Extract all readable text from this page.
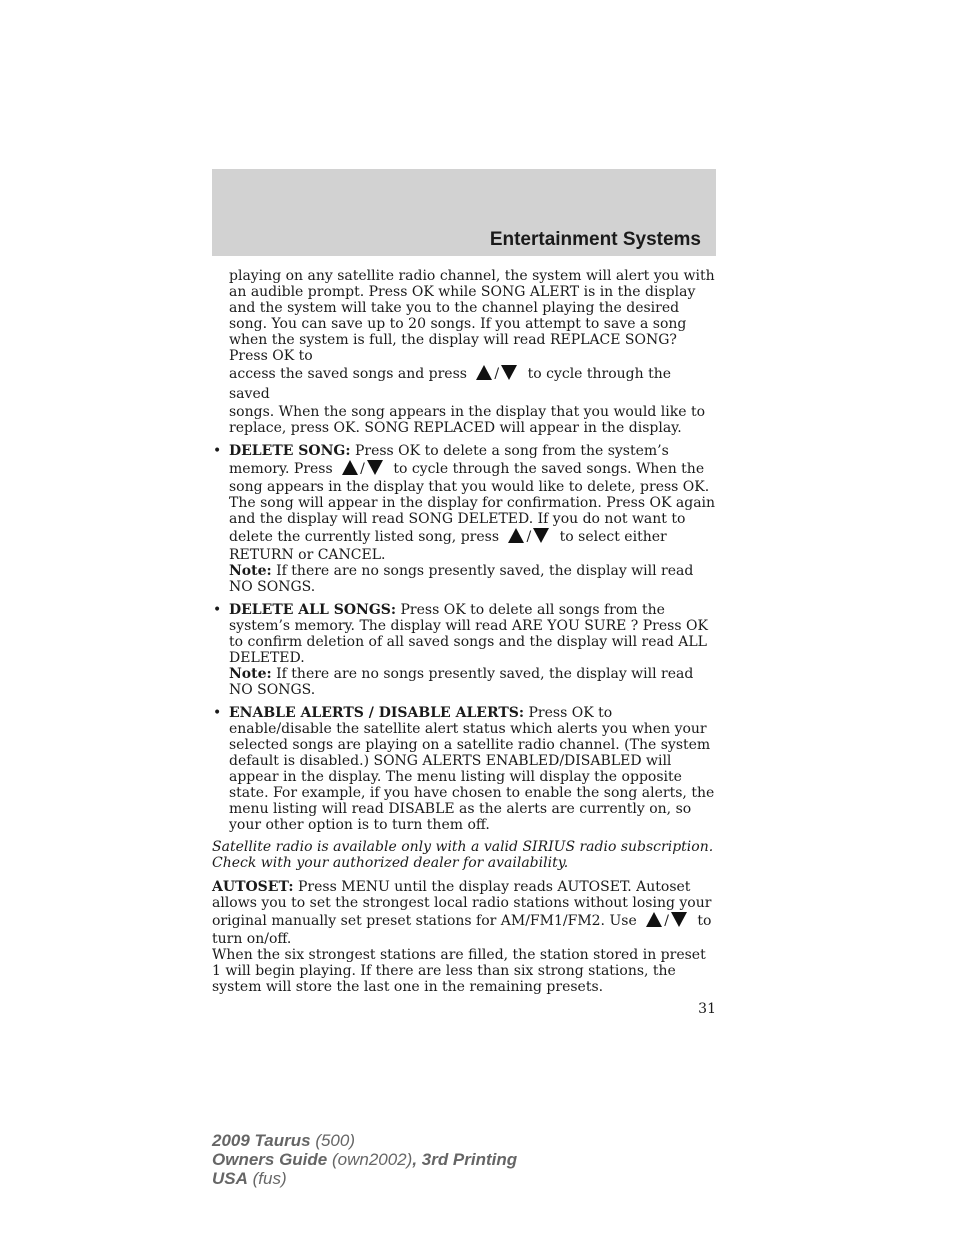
Entertainment Systems

playing on any satellite radio channel, the system will alert you with an audible prompt. Press OK while SONG ALERT is in the display and the system will take you to the channel playing the desired song. You can save up to 20 songs. If you attempt to save a song when the system is full, the display will read REPLACE SONG? Press OK to

access the saved songs and press / to cycle through the saved

songs. When the song appears in the display that you would like to replace, press OK. SONG REPLACED will appear in the display.

• DELETE SONG: Press OK to delete a song from the system’s

memory. Press / to cycle through the saved songs. When the

song appears in the display that you would like to delete, press OK. The song will appear in the display for confirmation. Press OK again and the display will read SONG DELETED. If you do not want to

delete the currently listed song, press / to select either

RETURN or CANCEL.

Note: If there are no songs presently saved, the display will read NO SONGS.

• DELETE ALL SONGS: Press OK to delete all songs from the system’s memory. The display will read ARE YOU SURE ? Press OK to confirm deletion of all saved songs and the display will read ALL DELETED.

Note: If there are no songs presently saved, the display will read NO SONGS.

• ENABLE ALERTS / DISABLE ALERTS: Press OK to enable/disable the satellite alert status which alerts you when your selected songs are playing on a satellite radio channel. (The system default is disabled.) SONG ALERTS ENABLED/DISABLED will appear in the display. The menu listing will display the opposite state. For example, if you have chosen to enable the song alerts, the menu listing will read DISABLE as the alerts are currently on, so your other option is to turn them off.

Satellite radio is available only with a valid SIRIUS radio subscription. Check with your authorized dealer for availability.

AUTOSET: Press MENU until the display reads AUTOSET. Autoset allows you to set the strongest local radio stations without losing your

original manually set preset stations for AM/FM1/FM2. Use / to

turn on/off.

When the six strongest stations are filled, the station stored in preset 1 will begin playing. If there are less than six strong stations, the system will store the last one in the remaining presets.

31
2009 Taurus (500)
Owners Guide (own2002), 3rd Printing
USA (fus)
